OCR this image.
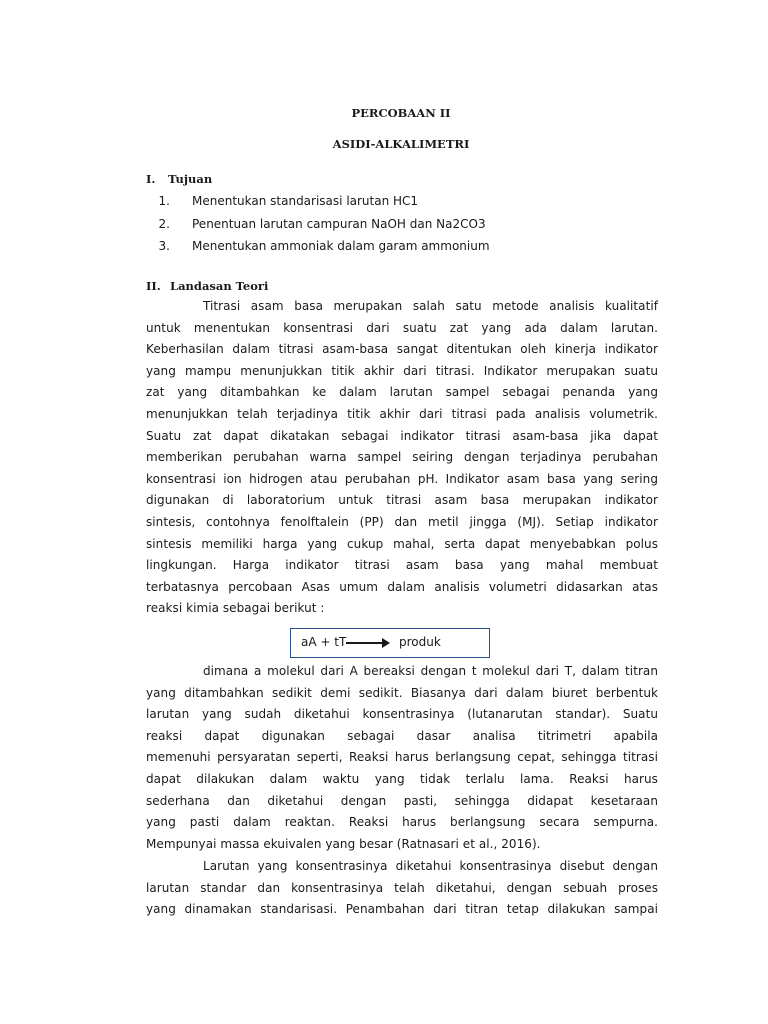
PERCOBAAN II
ASIDI-ALKALIMETRI
I. Tujuan
1. Menentukan standarisasi larutan HC1
2. Penentuan larutan campuran NaOH dan Na2CO3
3. Menentukan ammoniak dalam garam ammonium
II. Landasan Teori
Titrasi asam basa merupakan salah satu metode analisis kualitatif
untuk menentukan konsentrasi dari suatu zat yang ada dalam larutan.
Keberhasilan dalam titrasi asam-basa sangat ditentukan oleh kinerja indikator
yang mampu menunjukkan titik akhir dari titrasi. Indikator merupakan suatu
zat yang ditambahkan ke dalam larutan sampel sebagai penanda yang
menunjukkan telah terjadinya titik akhir dari titrasi pada analisis volumetrik.
Suatu zat dapat dikatakan sebagai indikator titrasi asam-basa jika dapat
memberikan perubahan warna sampel seiring dengan terjadinya perubahan
konsentrasi ion hidrogen atau perubahan pH. Indikator asam basa yang sering
digunakan di laboratorium untuk titrasi asam basa merupakan indikator
sintesis, contohnya fenolftalein (PP) dan metil jingga (MJ). Setiap indikator
sintesis memiliki harga yang cukup mahal, serta dapat menyebabkan polus
lingkungan. Harga indikator titrasi asam basa yang mahal membuat
terbatasnya percobaan Asas umum dalam analisis volumetri didasarkan atas
reaksi kimia sebagai berikut :
aA + tT	produk
dimana a molekul dari A bereaksi dengan t molekul dari T, dalam titran
yang ditambahkan sedikit demi sedikit. Biasanya dari dalam biuret berbentuk
larutan yang sudah diketahui konsentrasinya (lutanarutan standar). Suatu
reaksi dapat digunakan sebagai dasar analisa titrimetri apabila
memenuhi persyaratan seperti, Reaksi harus berlangsung cepat, sehingga titrasi
dapat dilakukan dalam waktu yang tidak terlalu lama. Reaksi harus
sederhana dan diketahui dengan pasti, sehingga didapat kesetaraan
yang pasti dalam reaktan. Reaksi harus berlangsung secara sempurna.
Mempunyai massa ekuivalen yang besar (Ratnasari et al., 2016).
Larutan yang konsentrasinya diketahui konsentrasinya disebut dengan
larutan standar dan konsentrasinya telah diketahui, dengan sebuah proses
yang dinamakan standarisasi. Penambahan dari titran tetap dilakukan sampai
